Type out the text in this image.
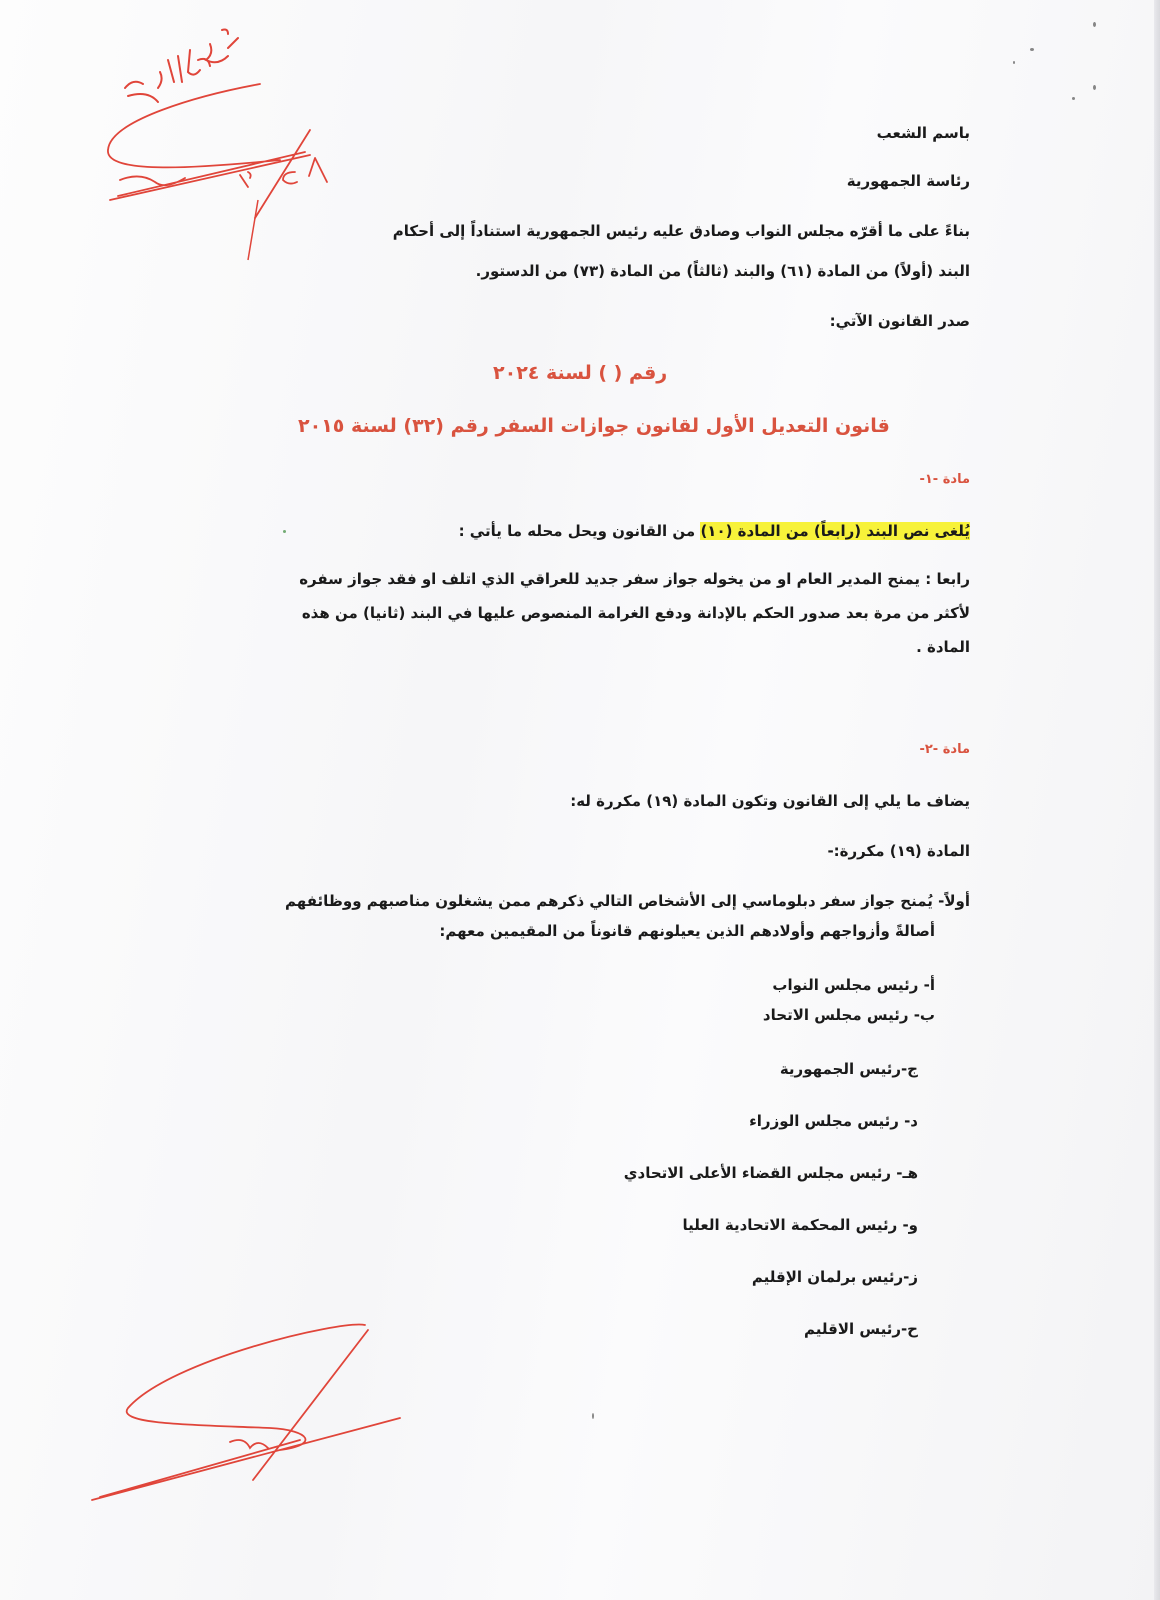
باسم الشعب
رئاسة الجمهورية
بناءً على ما أقرّه مجلس النواب وصادق عليه رئيس الجمهورية استناداً إلى أحكام
البند (أولاً) من المادة (٦١) والبند (ثالثاً) من المادة (٧٣) من الدستور.
صدر القانون الآتي:
رقم ( ) لسنة ٢٠٢٤
قانون التعديل الأول لقانون جوازات السفر رقم (٣٢) لسنة ٢٠١٥
مادة -١-
يُلغى نص البند (رابعاً) من المادة (١٠) من القانون ويحل محله ما يأتي :
رابعا : يمنح المدير العام او من يخوله جواز سفر جديد للعراقي الذي اتلف او فقد جواز سفره
لأكثر من مرة بعد صدور الحكم بالإدانة ودفع الغرامة المنصوص عليها في البند (ثانيا) من هذه
المادة .
مادة -٢-
يضاف ما يلي إلى القانون وتكون المادة (١٩) مكررة له:
المادة (١٩) مكررة:-
أولاً- يُمنح جواز سفر دبلوماسي إلى الأشخاص التالي ذكرهم ممن يشغلون مناصبهم ووظائفهم
أصالةً وأزواجهم وأولادهم الذين يعيلونهم قانوناً من المقيمين معهم:
أ- رئيس مجلس النواب
ب- رئيس مجلس الاتحاد
ج-رئيس الجمهورية
د- رئيس مجلس الوزراء
هـ- رئيس مجلس القضاء الأعلى الاتحادي
و- رئيس المحكمة الاتحادية العليا
ز-رئيس برلمان الإقليم
ح-رئيس الاقليم
